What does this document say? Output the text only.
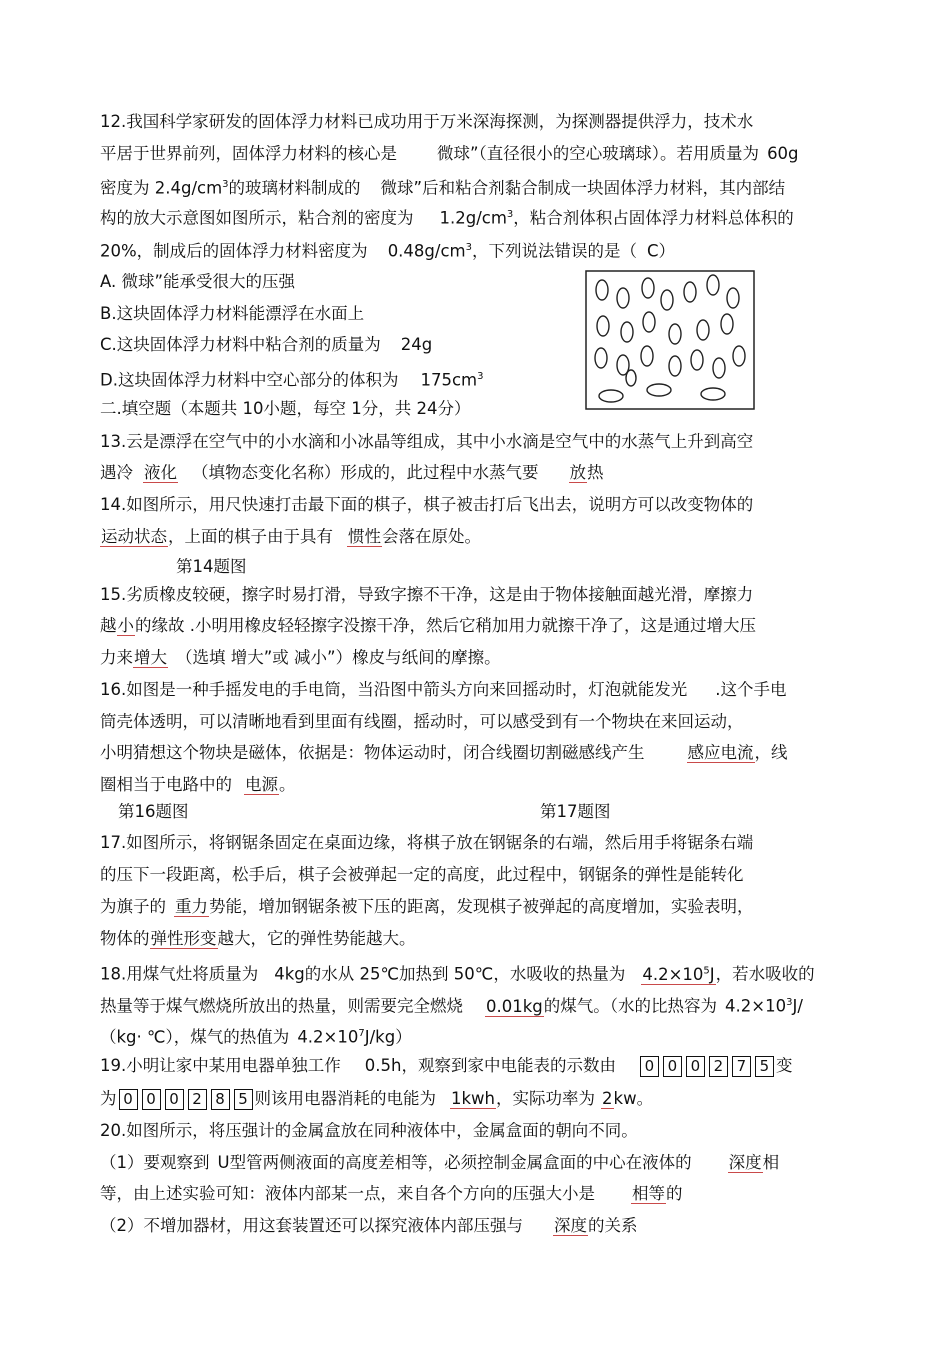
12.我国科学家研发的固体浮力材料已成功用于万米深海探测，为探测器提供浮力，技术水
平居于世界前列，固体浮力材料的核心是 微球”（直径很小的空心玻璃球）。若用质量为 60g
密度为 $2.4g/cm^3$的玻璃材料制成的 微球”后和粘合剂黏合制成一块固体浮力材料，其内部结
构的放大示意图如图所示，粘合剂的密度为 $1.2g/cm^3$，粘合剂体积占固体浮力材料总体积的
20%，制成后的固体浮力材料密度为 $0.48g/cm^3$，下列说法错误的是（ C）
A. 微球”能承受很大的压强
B.这块固体浮力材料能漂浮在水面上
C.这块固体浮力材料中粘合剂的质量为 24g
D.这块固体浮力材料中空心部分的体积为 $175cm^3$
二.填空题（本题共 10小题，每空 1分，共 24分）
13.云是漂浮在空气中的小水滴和小冰晶等组成，其中小水滴是空气中的水蒸气上升到高空
遇冷 液化 （填物态变化名称）形成的，此过程中水蒸气要 放热
14.如图所示，用尺快速打击最下面的棋子，棋子被击打后飞出去，说明方可以改变物体的
运动状态，上面的棋子由于具有 惯性会落在原处。
第14题图
15.劣质橡皮较硬，擦字时易打滑，导致字擦不干净，这是由于物体接触面越光滑，摩擦力
越小的缘故 .小明用橡皮轻轻擦字没擦干净，然后它稍加用力就擦干净了，这是通过增大压
力来增大 （选填 增大”或 减小”）橡皮与纸间的摩擦。
16.如图是一种手摇发电的手电筒，当沿图中箭头方向来回摇动时，灯泡就能发光 .这个手电
筒壳体透明，可以清晰地看到里面有线圈，摇动时，可以感受到有一个物块在来回运动，
小明猜想这个物块是磁体，依据是：物体运动时，闭合线圈切割磁感线产生	感应电流，线
圈相当于电路中的 电源。
第16题图	第17题图
17.如图所示，将钢锯条固定在桌面边缘，将棋子放在钢锯条的右端，然后用手将锯条右端
的压下一段距离，松手后，棋子会被弹起一定的高度，此过程中，钢锯条的弹性是能转化
为旗子的 重力势能，增加钢锯条被下压的距离，发现棋子被弹起的高度增加，实验表明，
物体的弹性形变越大，它的弹性势能越大。
18.用煤气灶将质量为 4kg的水从 25℃加热到 50℃，水吸收的热量为 $4.2\times 10^5J$，若水吸收的
热量等于煤气燃烧所放出的热量，则需要完全燃烧 0.01kg的煤气。（水的比热容为 $4.2\times 10^3J/$
（kg· ℃），煤气的热值为 $4.2\times 10^7J/kg$）
19.小明让家中某用电器单独工作 0.5h，观察到家中电能表的示数由 0 0 0 2 7 5 变
为 0 0 0 2 8 5 则该用电器消耗的电能为 1kwh，实际功率为 2kw。
20.如图所示，将压强计的金属盒放在同种液体中，金属盒面的朝向不同。
（1）要观察到 U型管两侧液面的高度差相等，必须控制金属盒面的中心在液体的 深度相
等，由上述实验可知：液体内部某一点，来自各个方向的压强大小是 相等的
（2）不增加器材，用这套装置还可以探究液体内部压强与 深度的关系
